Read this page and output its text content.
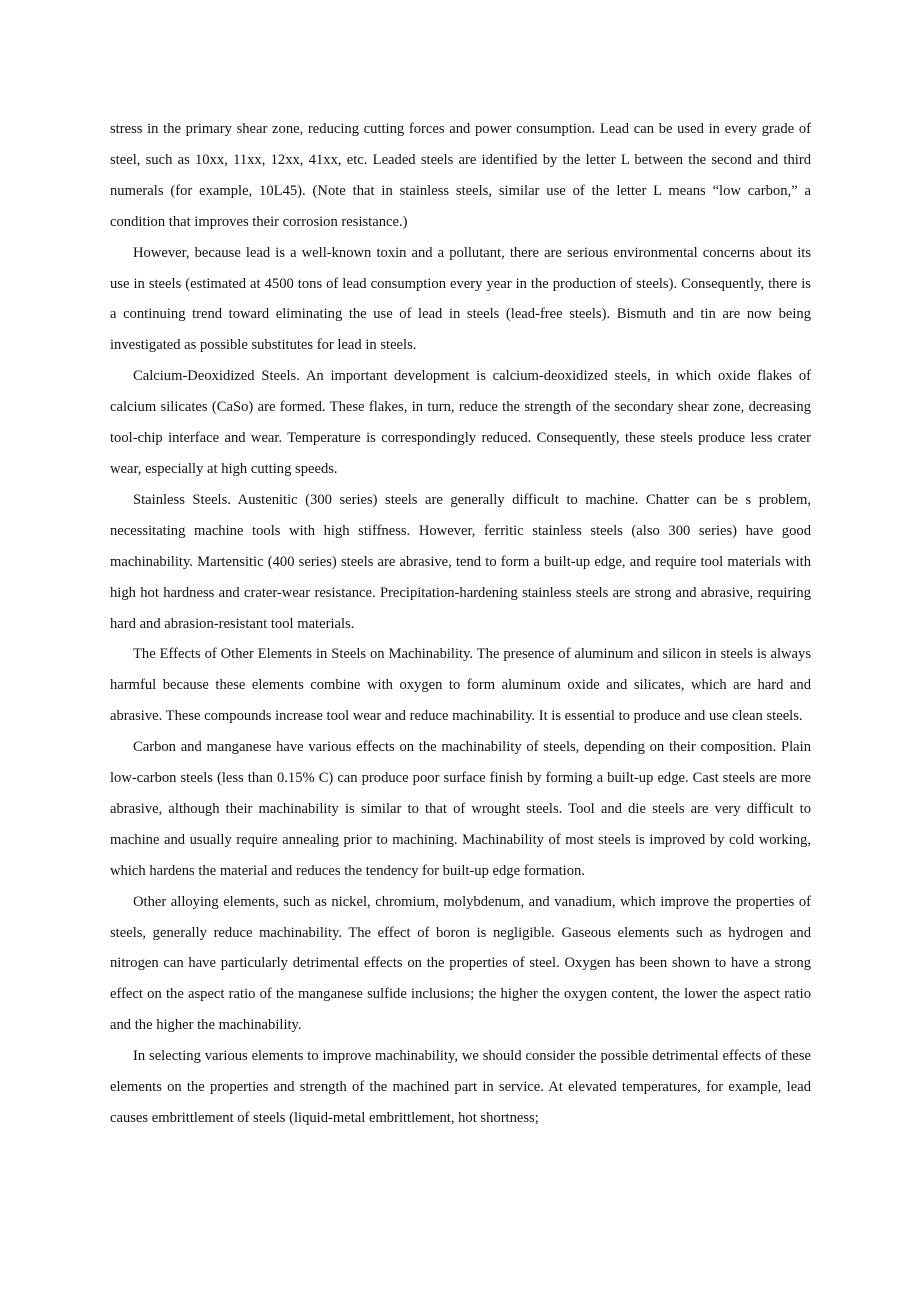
stress in the primary shear zone, reducing cutting forces and power consumption. Lead can be used in every grade of steel, such as 10xx, 11xx, 12xx, 41xx, etc. Leaded steels are identified by the letter L between the second and third numerals (for example, 10L45). (Note that in stainless steels, similar use of the letter L means “low carbon,” a condition that improves their corrosion resistance.)

However, because lead is a well-known toxin and a pollutant, there are serious environmental concerns about its use in steels (estimated at 4500 tons of lead consumption every year in the production of steels). Consequently, there is a continuing trend toward eliminating the use of lead in steels (lead-free steels). Bismuth and tin are now being investigated as possible substitutes for lead in steels.

Calcium-Deoxidized Steels. An important development is calcium-deoxidized steels, in which oxide flakes of calcium silicates (CaSo) are formed. These flakes, in turn, reduce the strength of the secondary shear zone, decreasing tool-chip interface and wear. Temperature is correspondingly reduced. Consequently, these steels produce less crater wear, especially at high cutting speeds.

Stainless Steels. Austenitic (300 series) steels are generally difficult to machine. Chatter can be s problem, necessitating machine tools with high stiffness. However, ferritic stainless steels (also 300 series) have good machinability. Martensitic (400 series) steels are abrasive, tend to form a built-up edge, and require tool materials with high hot hardness and crater-wear resistance. Precipitation-hardening stainless steels are strong and abrasive, requiring hard and abrasion-resistant tool materials.

The Effects of Other Elements in Steels on Machinability. The presence of aluminum and silicon in steels is always harmful because these elements combine with oxygen to form aluminum oxide and silicates, which are hard and abrasive. These compounds increase tool wear and reduce machinability. It is essential to produce and use clean steels.

Carbon and manganese have various effects on the machinability of steels, depending on their composition. Plain low-carbon steels (less than 0.15% C) can produce poor surface finish by forming a built-up edge. Cast steels are more abrasive, although their machinability is similar to that of wrought steels. Tool and die steels are very difficult to machine and usually require annealing prior to machining. Machinability of most steels is improved by cold working, which hardens the material and reduces the tendency for built-up edge formation.

Other alloying elements, such as nickel, chromium, molybdenum, and vanadium, which improve the properties of steels, generally reduce machinability. The effect of boron is negligible. Gaseous elements such as hydrogen and nitrogen can have particularly detrimental effects on the properties of steel. Oxygen has been shown to have a strong effect on the aspect ratio of the manganese sulfide inclusions; the higher the oxygen content, the lower the aspect ratio and the higher the machinability.

In selecting various elements to improve machinability, we should consider the possible detrimental effects of these elements on the properties and strength of the machined part in service. At elevated temperatures, for example, lead causes embrittlement of steels (liquid-metal embrittlement, hot shortness;
